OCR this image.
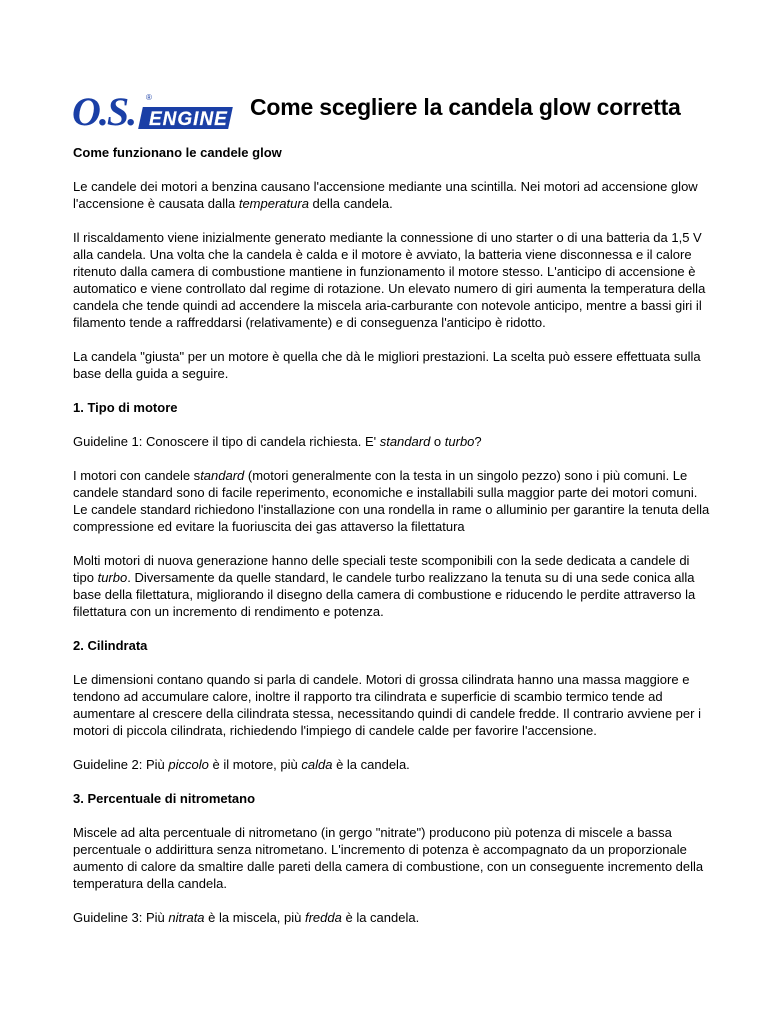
O.S. ®
ENGINE Come scegliere la candela glow corretta
Come funzionano le candele glow

Le candele dei motori a benzina causano l'accensione mediante una scintilla. Nei motori ad accensione glow l'accensione è causata dalla temperatura della candela.

Il riscaldamento viene inizialmente generato mediante la connessione di uno starter o di una batteria da 1,5 V alla candela. Una volta che la candela è calda e il motore è avviato, la batteria viene disconnessa e il calore ritenuto dalla camera di combustione mantiene in funzionamento il motore stesso. L'anticipo di accensione è automatico e viene controllato dal regime di rotazione. Un elevato numero di giri aumenta la temperatura della candela che tende quindi ad accendere la miscela aria-carburante con notevole anticipo, mentre a bassi giri il filamento tende a raffreddarsi (relativamente) e di conseguenza l'anticipo è ridotto.

La candela "giusta" per un motore è quella che dà le migliori prestazioni. La scelta può essere effettuata sulla base della guida a seguire.

1. Tipo di motore

Guideline 1: Conoscere il tipo di candela richiesta. E' standard o turbo?

I motori con candele standard (motori generalmente con la testa in un singolo pezzo) sono i più comuni. Le candele standard sono di facile reperimento, economiche e installabili sulla maggior parte dei motori comuni. Le candele standard richiedono l'installazione con una rondella in rame o alluminio per garantire la tenuta della compressione ed evitare la fuoriuscita dei gas attaverso la filettatura

Molti motori di nuova generazione hanno delle speciali teste scomponibili con la sede dedicata a candele di tipo turbo. Diversamente da quelle standard, le candele turbo realizzano la tenuta su di una sede conica alla base della filettatura, migliorando il disegno della camera di combustione e riducendo le perdite attraverso la filettatura con un incremento di rendimento e potenza.

2. Cilindrata

Le dimensioni contano quando si parla di candele. Motori di grossa cilindrata hanno una massa maggiore e tendono ad accumulare calore, inoltre il rapporto tra cilindrata e superficie di scambio termico tende ad aumentare al crescere della cilindrata stessa, necessitando quindi di candele fredde. Il contrario avviene per i motori di piccola cilindrata, richiedendo l'impiego di candele calde per favorire l'accensione.

Guideline 2: Più piccolo è il motore, più calda è la candela.

3. Percentuale di nitrometano

Miscele ad alta percentuale di nitrometano (in gergo "nitrate") producono più potenza di miscele a bassa percentuale o addirittura senza nitrometano. L'incremento di potenza è accompagnato da un proporzionale aumento di calore da smaltire dalle pareti della camera di combustione, con un conseguente incremento della temperatura della candela.

Guideline 3: Più nitrata è la miscela, più fredda è la candela.
